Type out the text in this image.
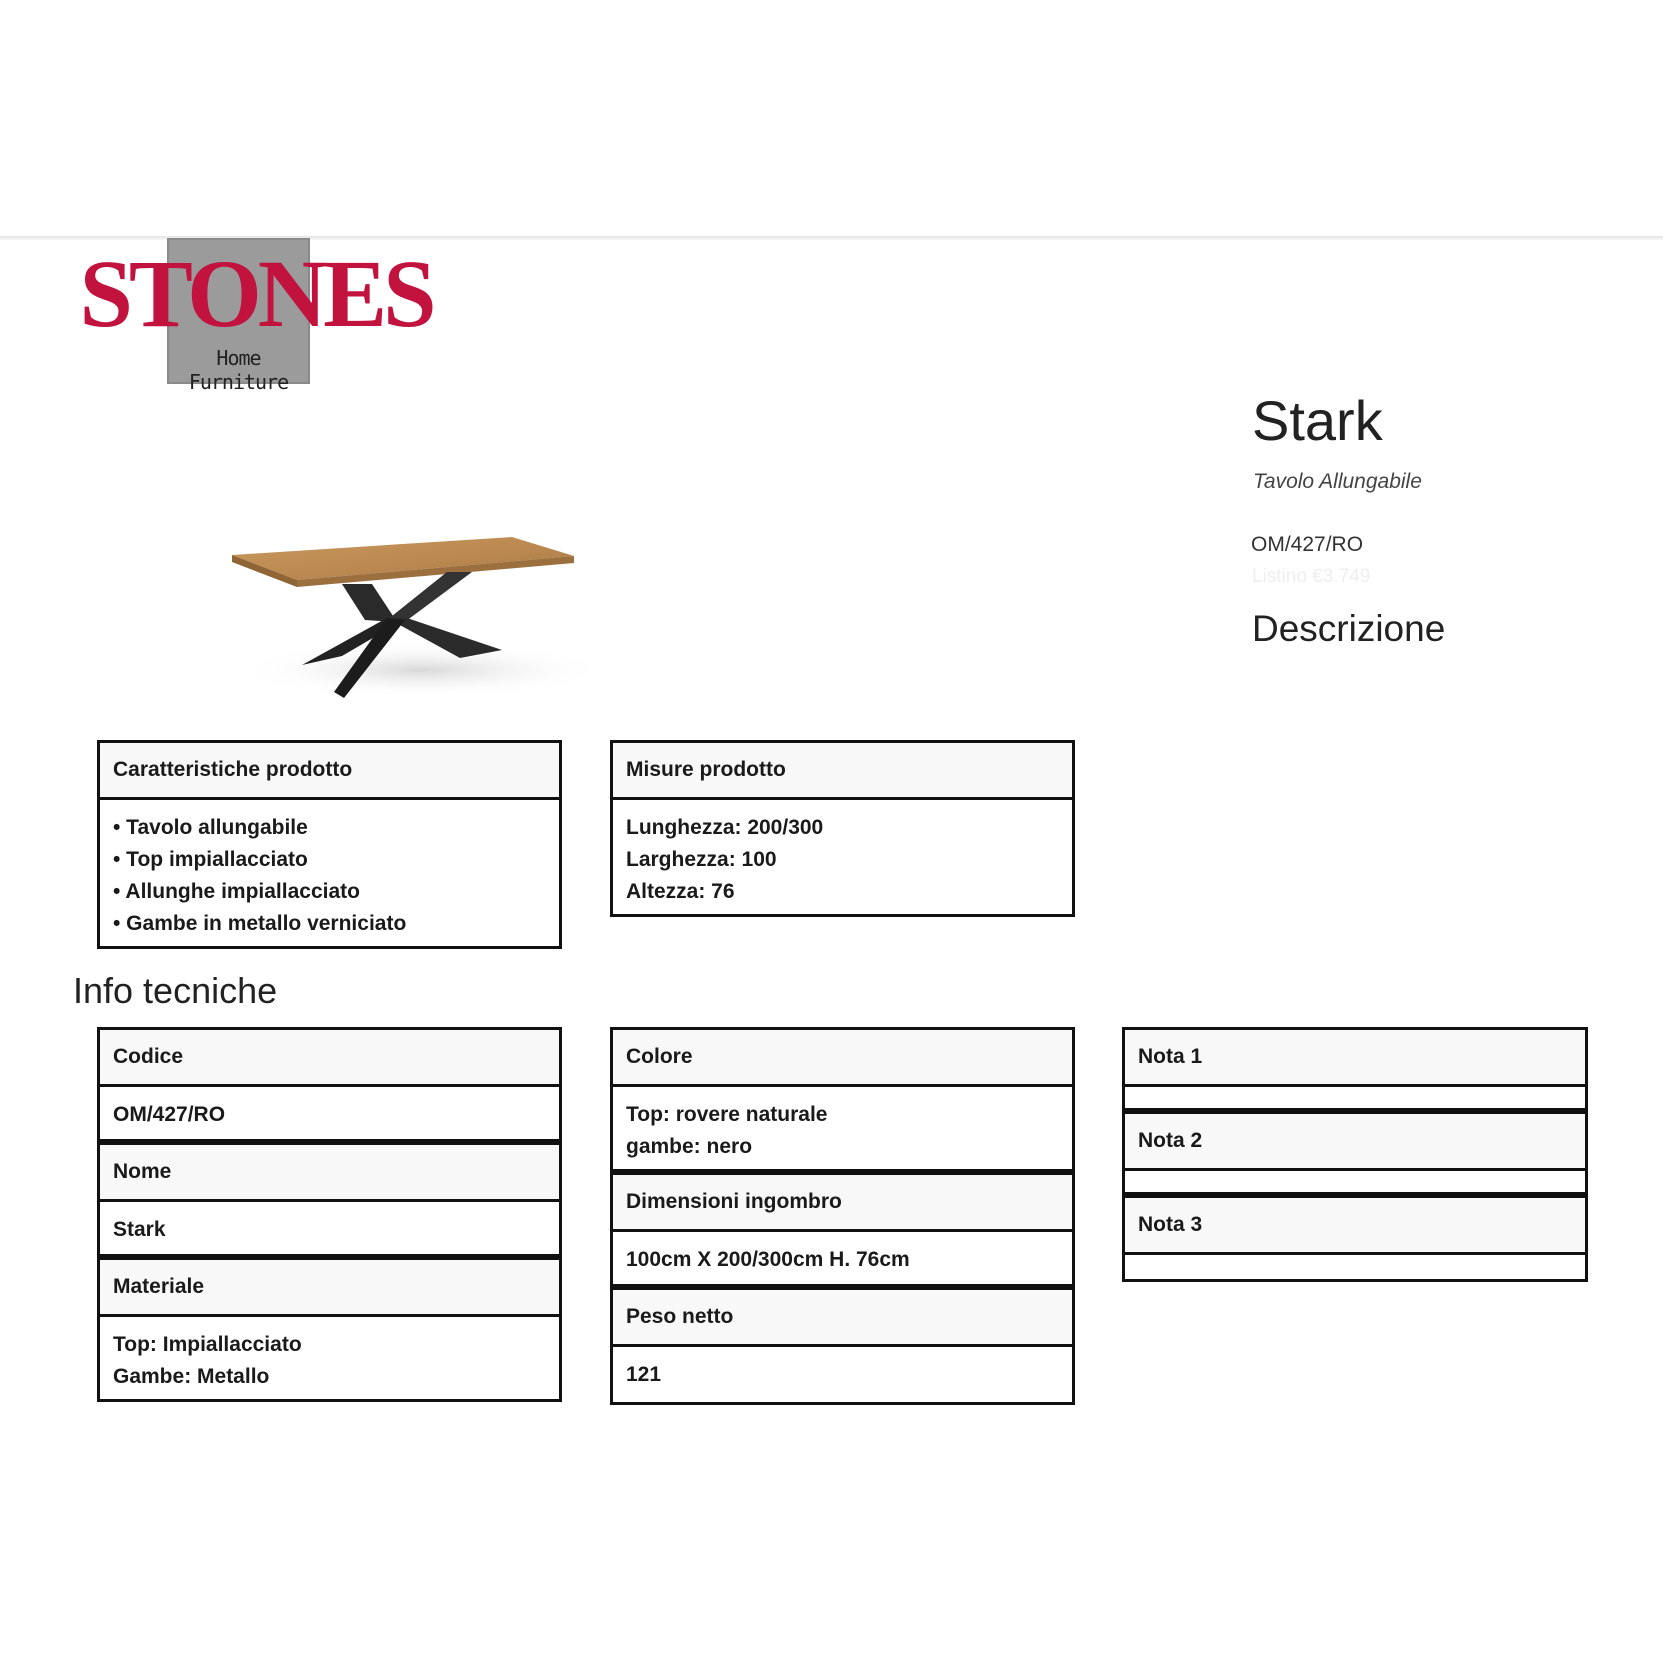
STONES
Home Furniture
Stark
Tavolo Allungabile
OM/427/RO
Listino €3.749
Descrizione
Caratteristiche prodotto
• Tavolo allungabile
• Top impiallacciato
• Allunghe impiallacciato
• Gambe in metallo verniciato
Misure prodotto
Lunghezza: 200/300
Larghezza: 100
Altezza: 76
Info tecniche
Codice
OM/427/RO
Nome
Stark
Materiale
Top: Impiallacciato
Gambe: Metallo
Colore
Top: rovere naturale
gambe: nero
Dimensioni ingombro
100cm X 200/300cm H. 76cm
Peso netto
121
Nota 1
Nota 2
Nota 3
